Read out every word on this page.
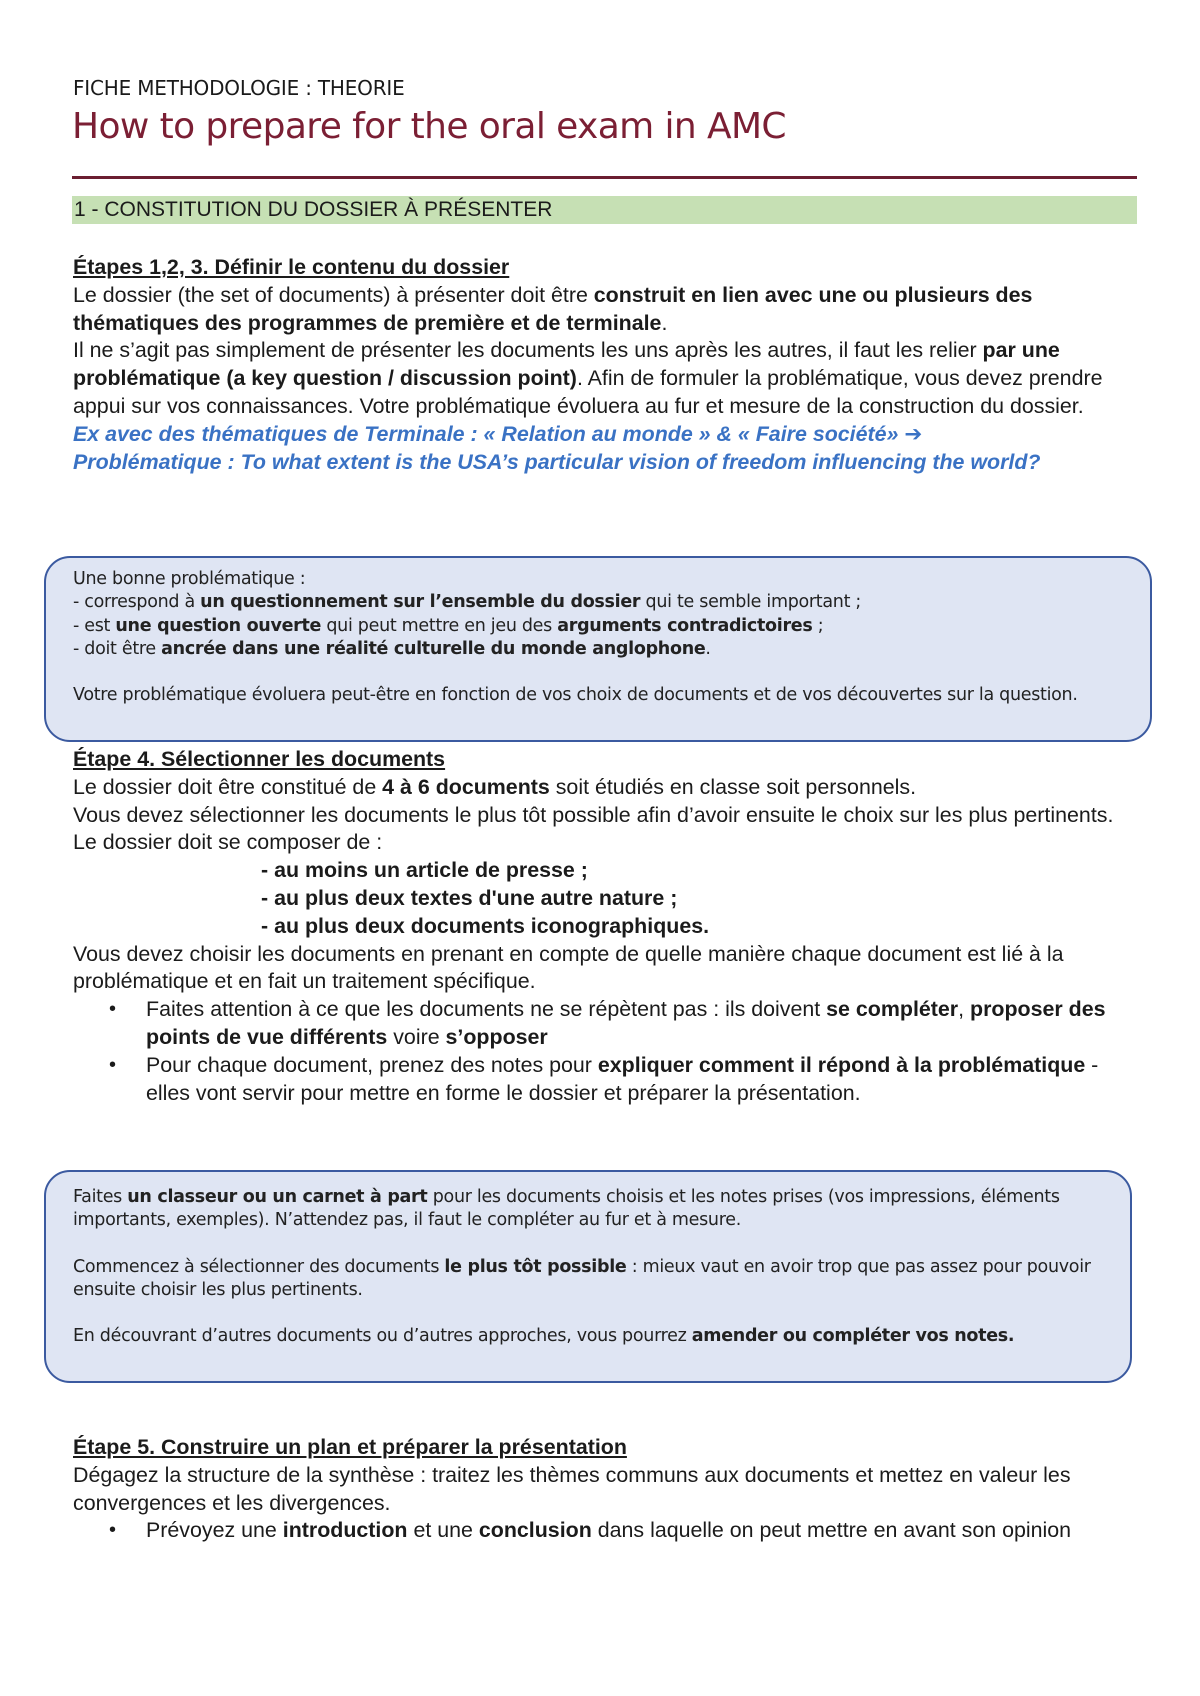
FICHE METHODOLOGIE : THEORIE
How to prepare for the oral exam in AMC
1 - CONSTITUTION DU DOSSIER À PRÉSENTER

Étapes 1,2, 3. Définir le contenu du dossier

Le dossier (the set of documents) à présenter doit être construit en lien avec une ou plusieurs des thématiques des programmes de première et de terminale.

Il ne s’agit pas simplement de présenter les documents les uns après les autres, il faut les relier par une problématique (a key question / discussion point). Afin de formuler la problématique, vous devez prendre appui sur vos connaissances. Votre problématique évoluera au fur et mesure de la construction du dossier.

Ex avec des thématiques de Terminale : « Relation au monde » & « Faire société» ➔

Problématique : To what extent is the USA’s particular vision of freedom influencing the world?

Une bonne problématique :

- correspond à un questionnement sur l’ensemble du dossier qui te semble important ;

- est une question ouverte qui peut mettre en jeu des arguments contradictoires ;

- doit être ancrée dans une réalité culturelle du monde anglophone.

Votre problématique évoluera peut-être en fonction de vos choix de documents et de vos découvertes sur la question.

Étape 4. Sélectionner les documents

Le dossier doit être constitué de 4 à 6 documents soit étudiés en classe soit personnels.

Vous devez sélectionner les documents le plus tôt possible afin d’avoir ensuite le choix sur les plus pertinents.

Le dossier doit se composer de :

- au moins un article de presse ;
- au plus deux textes d'une autre nature ;
- au plus deux documents iconographiques.

Vous devez choisir les documents en prenant en compte de quelle manière chaque document est lié à la problématique et en fait un traitement spécifique.

• Faites attention à ce que les documents ne se répètent pas : ils doivent se compléter, proposer des points de vue différents voire s’opposer
• Pour chaque document, prenez des notes pour expliquer comment il répond à la problématique -elles vont servir pour mettre en forme le dossier et préparer la présentation.

Faites un classeur ou un carnet à part pour les documents choisis et les notes prises (vos impressions, éléments importants, exemples). N’attendez pas, il faut le compléter au fur et à mesure.

Commencez à sélectionner des documents le plus tôt possible : mieux vaut en avoir trop que pas assez pour pouvoir ensuite choisir les plus pertinents.

En découvrant d’autres documents ou d’autres approches, vous pourrez amender ou compléter vos notes.

Étape 5. Construire un plan et préparer la présentation

Dégagez la structure de la synthèse : traitez les thèmes communs aux documents et mettez en valeur les convergences et les divergences.

• Prévoyez une introduction et une conclusion dans laquelle on peut mettre en avant son opinion
